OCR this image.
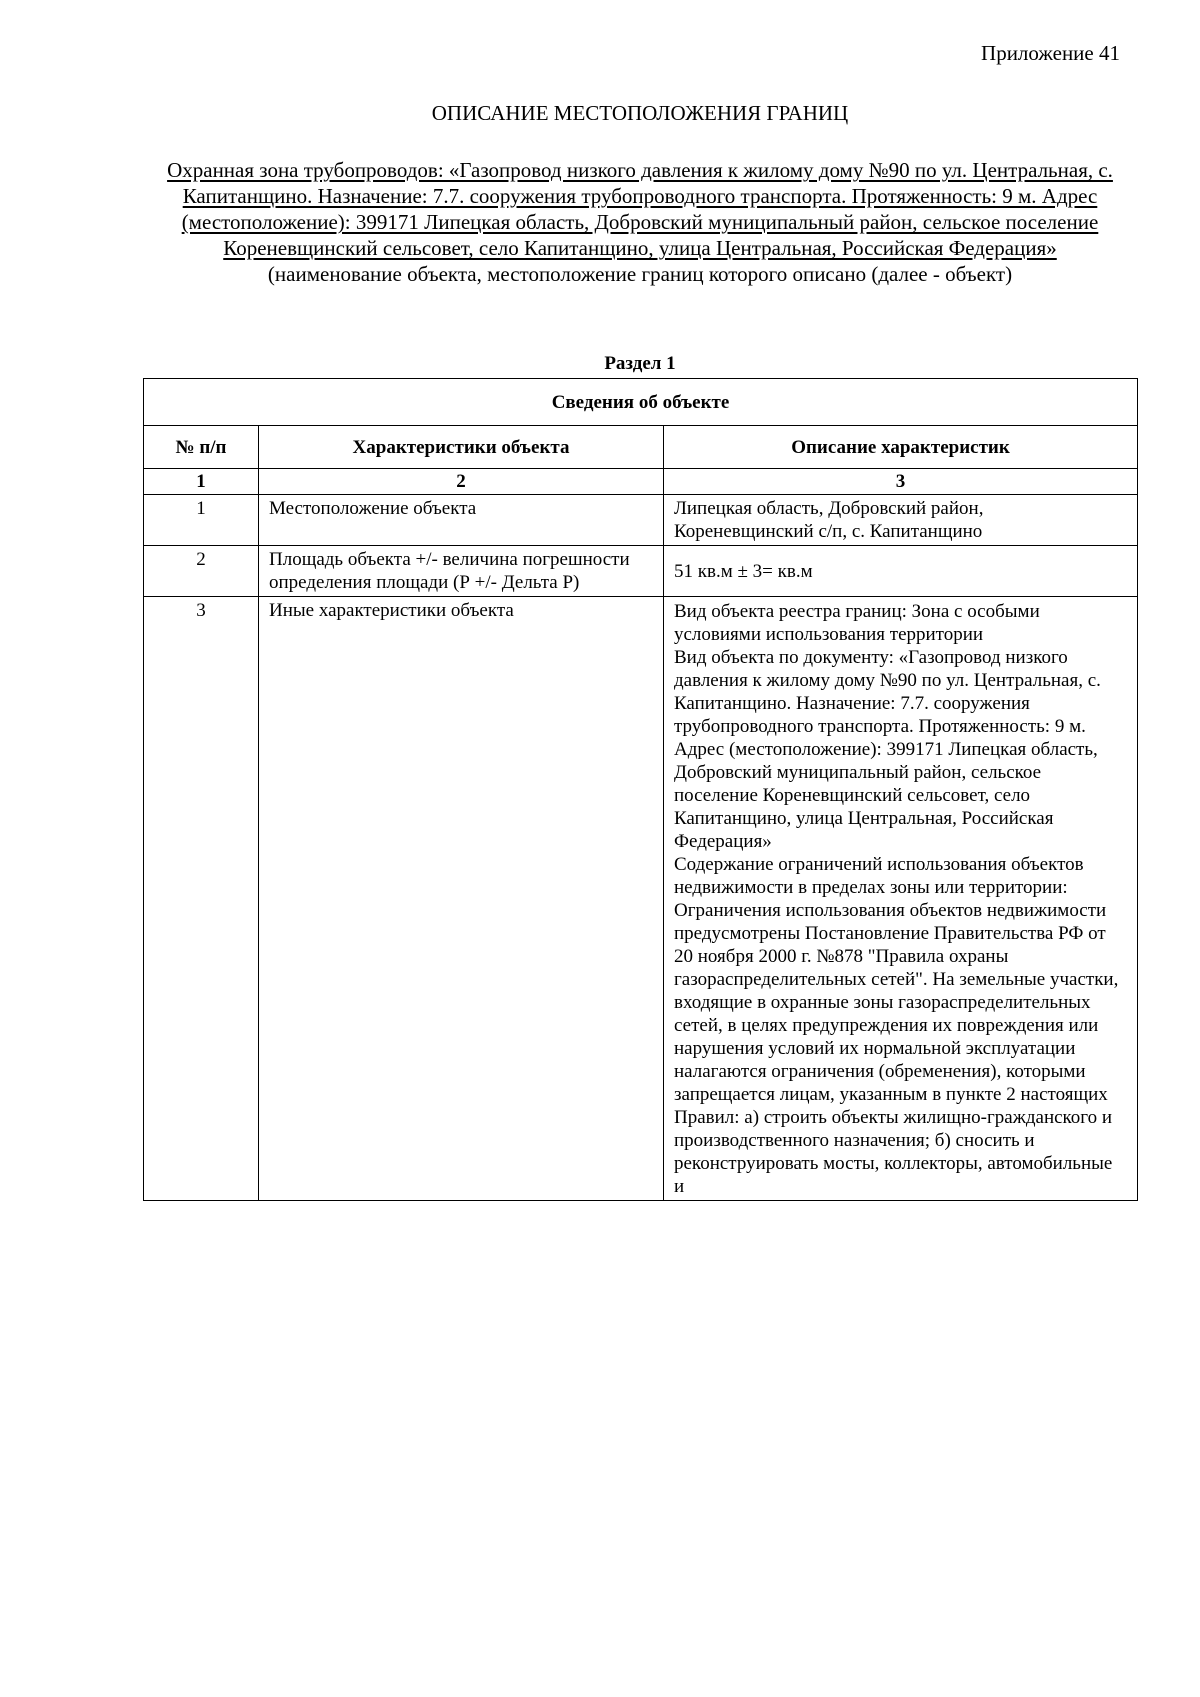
Приложение 41
ОПИСАНИЕ МЕСТОПОЛОЖЕНИЯ ГРАНИЦ
Охранная зона трубопроводов: «Газопровод низкого давления к жилому дому №90 по ул. Центральная, с. Капитанщино. Назначение: 7.7. сооружения трубопроводного транспорта. Протяженность: 9 м. Адрес (местоположение): 399171 Липецкая область, Добровский муниципальный район, сельское поселение Кореневщинский сельсовет, село Капитанщино, улица Центральная, Российская Федерация»
(наименование объекта, местоположение границ которого описано (далее - объект)
Раздел 1
Сведения об объекте		
№ п/п	Характеристики объекта	Описание характеристик
1	2	3
1	Местоположение объекта	Липецкая область, Добровский район, Кореневщинский с/п, с. Капитанщино
2	Площадь объекта +/- величина погрешности определения площади (Р +/- Дельта Р)	51 кв.м ± 3= кв.м
3	Иные характеристики объекта	Вид объекта реестра границ: Зона с особыми условиями использования территории

Вид объекта по документу: «Газопровод низкого давления к жилому дому №90 по ул. Центральная, с. Капитанщино. Назначение: 7.7. сооружения трубопроводного транспорта. Протяженность: 9 м. Адрес (местоположение): 399171 Липецкая область, Добровский муниципальный район, сельское поселение Кореневщинский сельсовет, село Капитанщино, улица Центральная, Российская Федерация»

Содержание ограничений использования объектов недвижимости в пределах зоны или территории: Ограничения использования объектов недвижимости предусмотрены Постановление Правительства РФ от 20 ноября 2000 г. №878 "Правила охраны газораспределительных сетей". На земельные участки, входящие в охранные зоны газораспределительных сетей, в целях предупреждения их повреждения или нарушения условий их нормальной эксплуатации налагаются ограничения (обременения), которыми запрещается лицам, указанным в пункте 2 настоящих Правил: а) строить объекты жилищно-гражданского и производственного назначения; б) сносить и реконструировать мосты, коллекторы, автомобильные и
